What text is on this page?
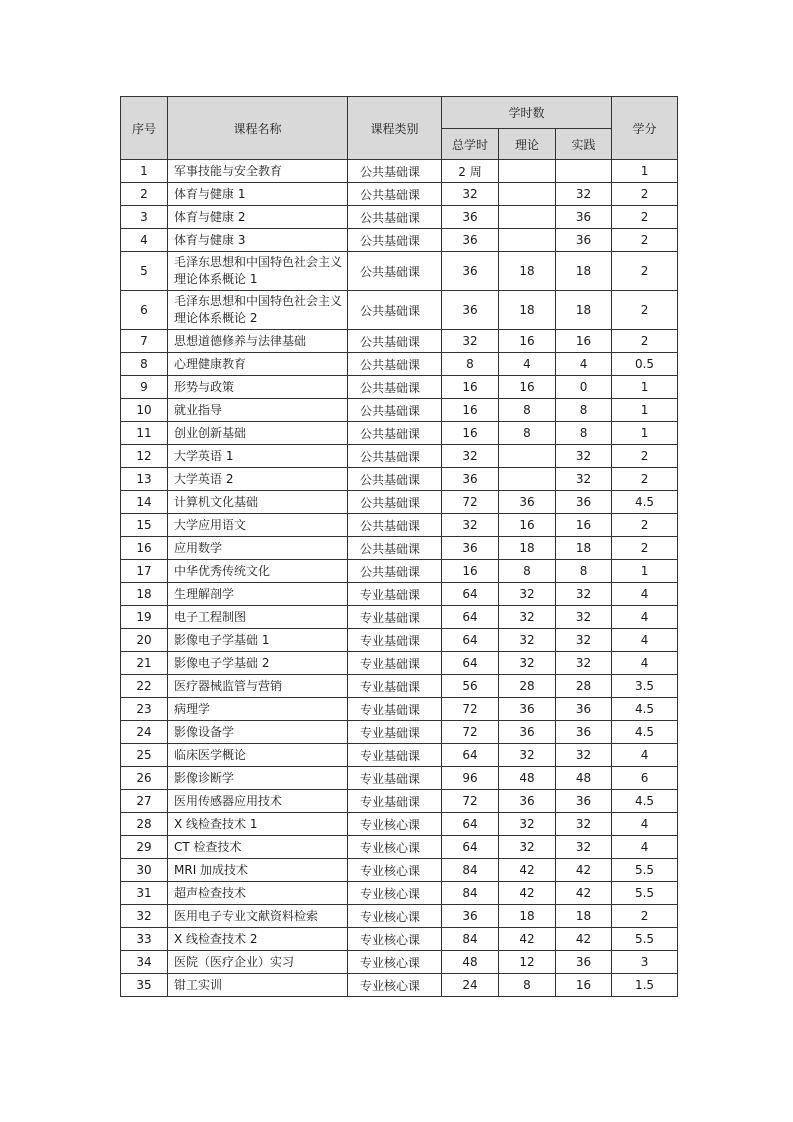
序号	课程名称	课程类别	学时数			学分
			总学时	理论	实践	
1	军事技能与安全教育	公共基础课	2 周			1
2	体育与健康 1	公共基础课	32		32	2
3	体育与健康 2	公共基础课	36		36	2
4	体育与健康 3	公共基础课	36		36	2
5	毛泽东思想和中国特色社会主义理论体系概论 1	公共基础课	36	18	18	2
6	毛泽东思想和中国特色社会主义理论体系概论 2	公共基础课	36	18	18	2
7	思想道德修养与法律基础	公共基础课	32	16	16	2
8	心理健康教育	公共基础课	8	4	4	0.5
9	形势与政策	公共基础课	16	16	0	1
10	就业指导	公共基础课	16	8	8	1
11	创业创新基础	公共基础课	16	8	8	1
12	大学英语 1	公共基础课	32		32	2
13	大学英语 2	公共基础课	36		32	2
14	计算机文化基础	公共基础课	72	36	36	4.5
15	大学应用语文	公共基础课	32	16	16	2
16	应用数学	公共基础课	36	18	18	2
17	中华优秀传统文化	公共基础课	16	8	8	1
18	生理解剖学	专业基础课	64	32	32	4
19	电子工程制图	专业基础课	64	32	32	4
20	影像电子学基础 1	专业基础课	64	32	32	4
21	影像电子学基础 2	专业基础课	64	32	32	4
22	医疗器械监管与营销	专业基础课	56	28	28	3.5
23	病理学	专业基础课	72	36	36	4.5
24	影像设备学	专业基础课	72	36	36	4.5
25	临床医学概论	专业基础课	64	32	32	4
26	影像诊断学	专业基础课	96	48	48	6
27	医用传感器应用技术	专业基础课	72	36	36	4.5
28	X 线检查技术 1	专业核心课	64	32	32	4
29	CT 检查技术	专业核心课	64	32	32	4
30	MRI 加成技术	专业核心课	84	42	42	5.5
31	超声检查技术	专业核心课	84	42	42	5.5
32	医用电子专业文献资料检索	专业核心课	36	18	18	2
33	X 线检查技术 2	专业核心课	84	42	42	5.5
34	医院（医疗企业）实习	专业核心课	48	12	36	3
35	钳工实训	专业核心课	24	8	16	1.5
